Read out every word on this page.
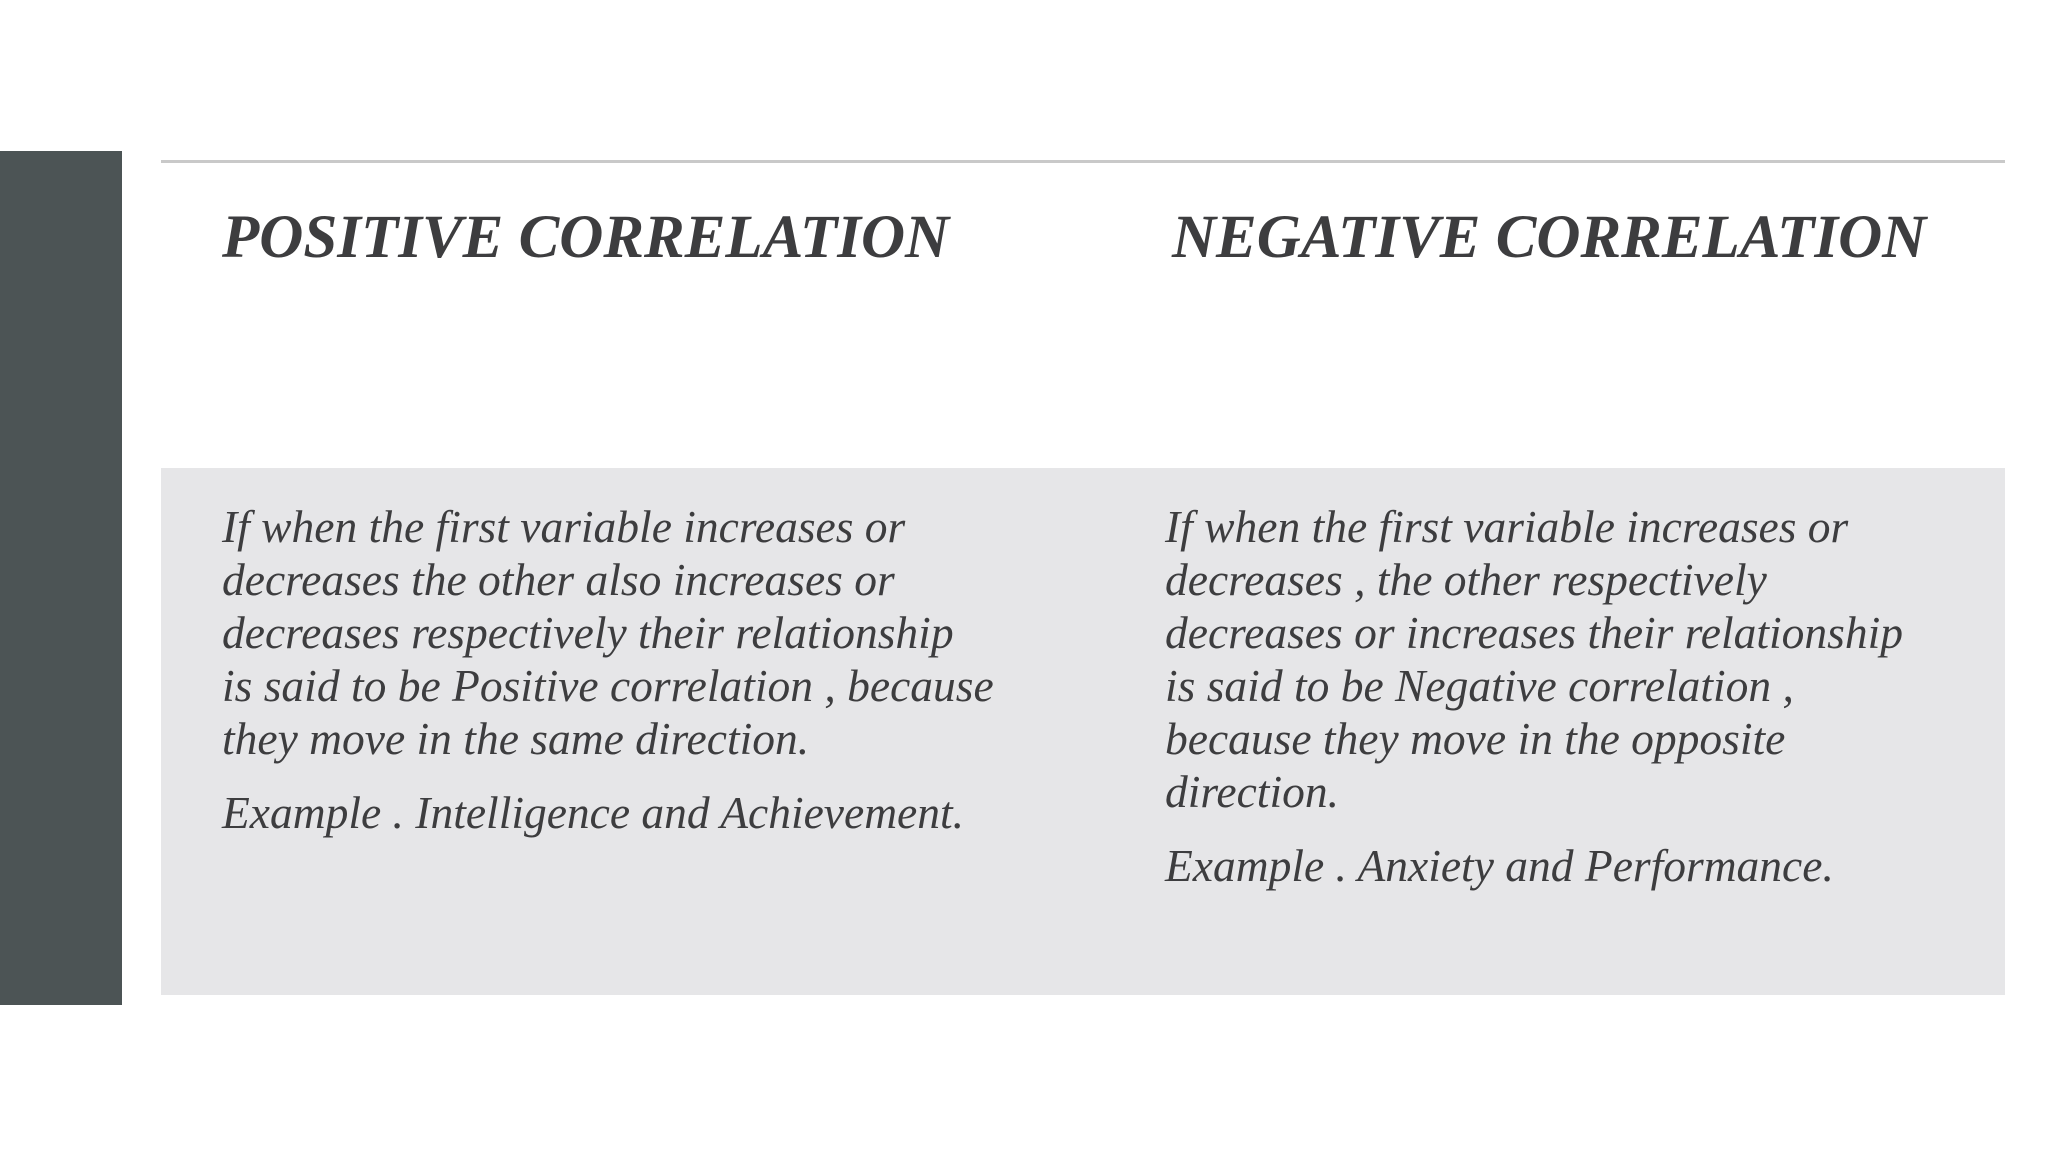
POSITIVE CORRELATION	NEGATIVE CORRELATION

If when the first variable increases or
decreases the other also increases or
decreases respectively their relationship
is said to be Positive correlation , because
they move in the same direction.

Example . Intelligence and Achievement.

If when the first variable increases or
decreases , the other respectively
decreases or increases their relationship
is said to be Negative correlation ,
because they move in the opposite
direction.

Example . Anxiety and Performance.
